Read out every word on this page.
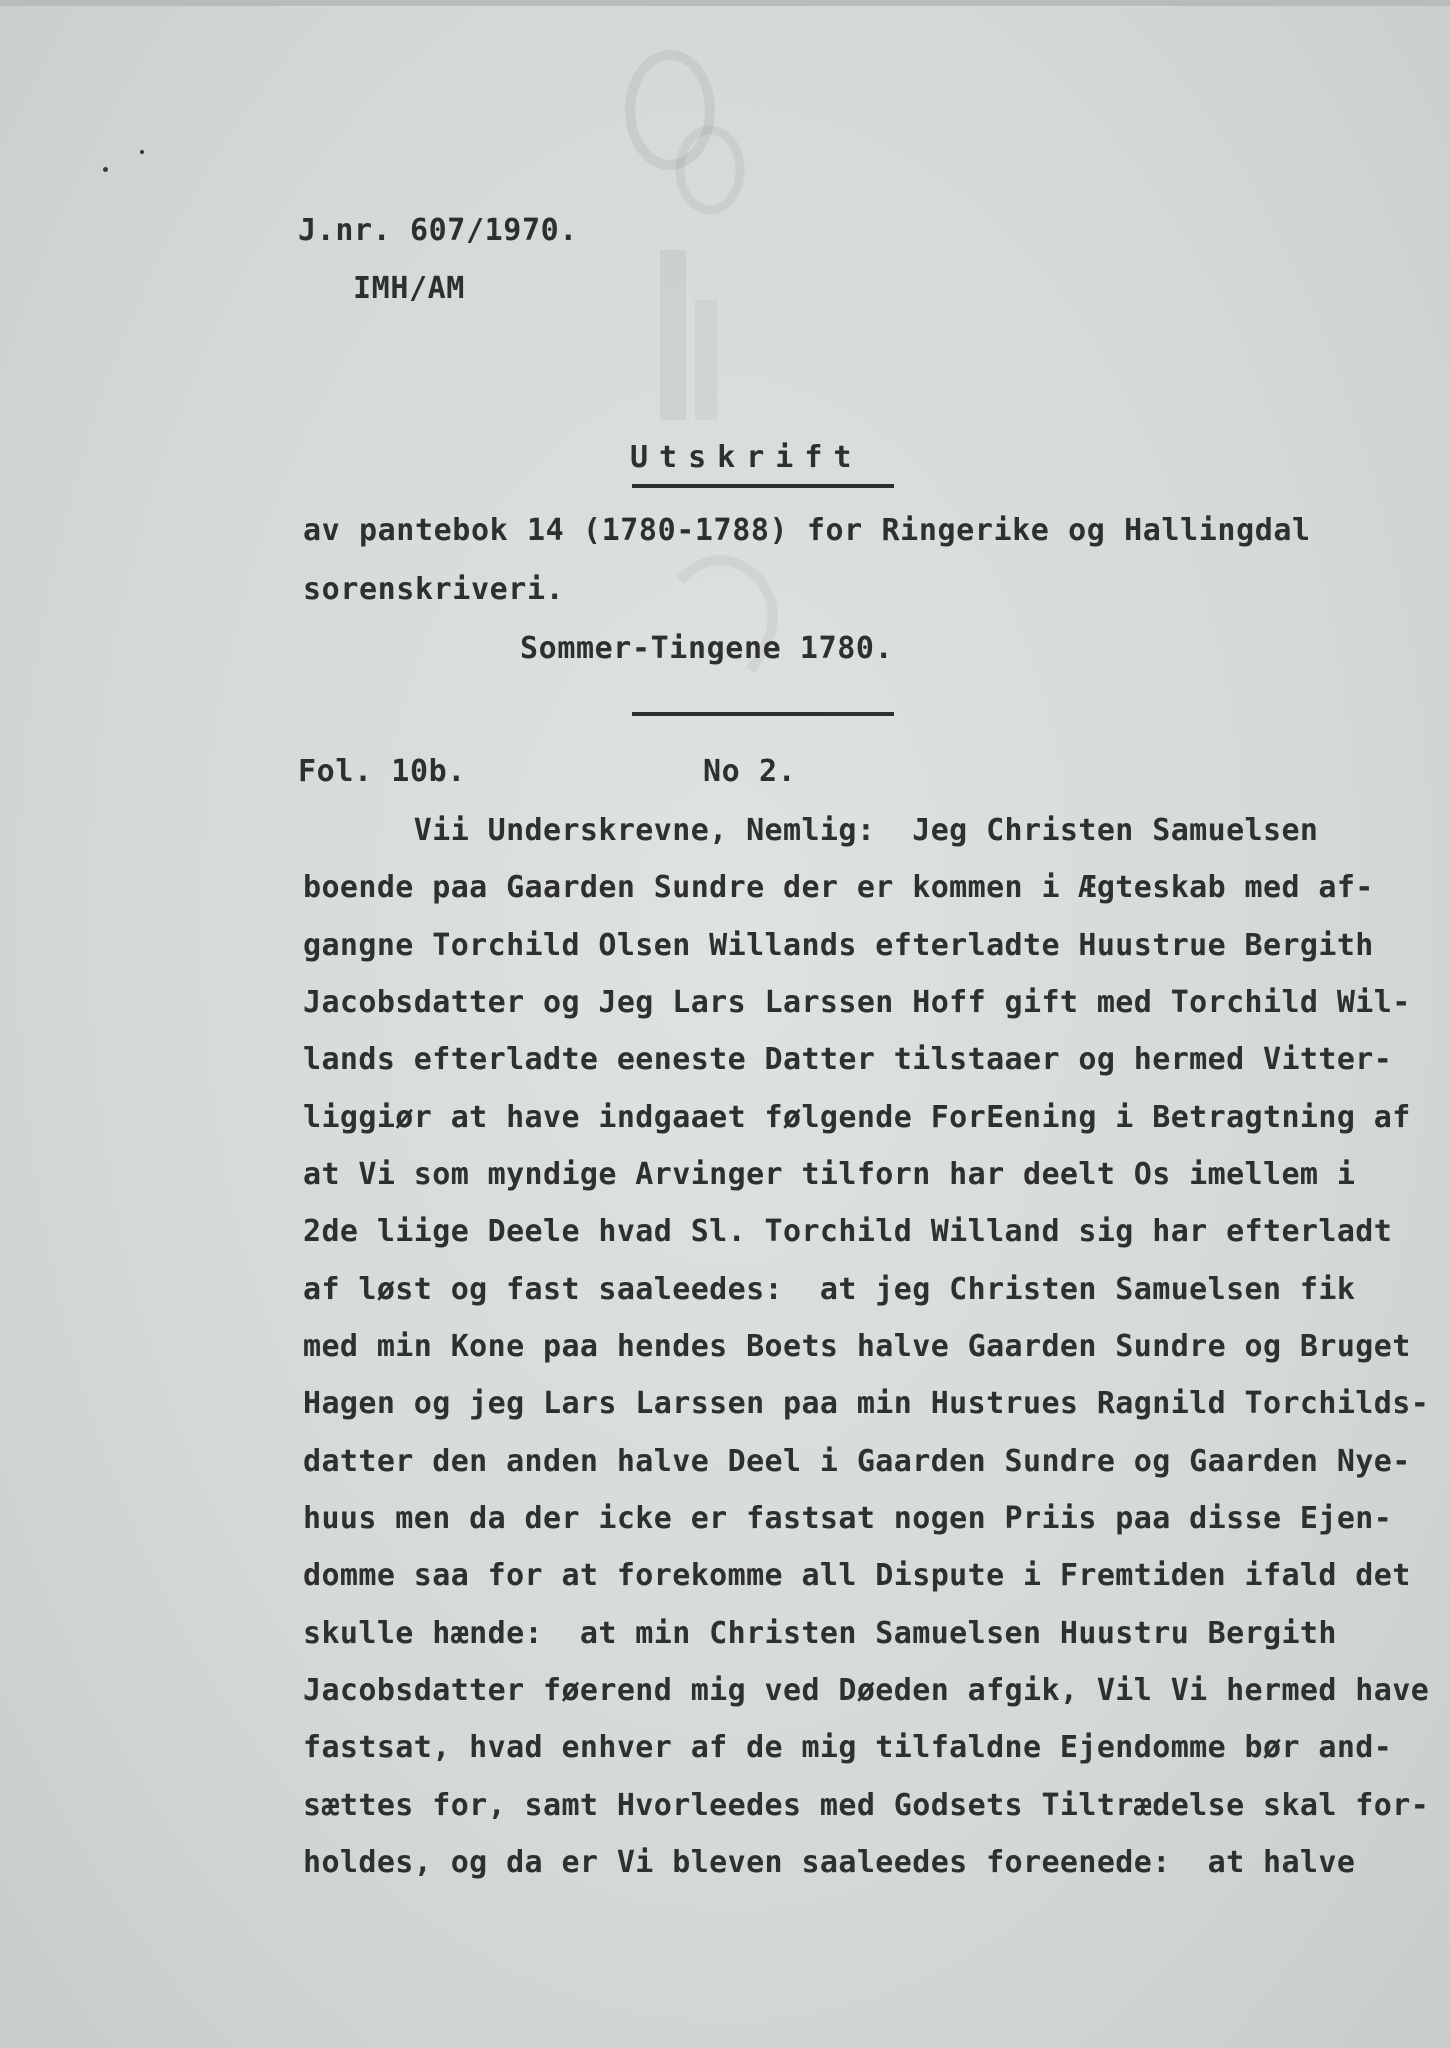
J.nr. 607/1970.
IMH/AM
Utskrift
av pantebok 14 (1780-1788) for Ringerike og Hallingdal
sorenskriveri.
Sommer-Tingene 1780.
Fol. 10b.	No 2.
Vii Underskrevne, Nemlig:  Jeg Christen Samuelsen
boende paa Gaarden Sundre der er kommen i Ægteskab med af-
gangne Torchild Olsen Willands efterladte Huustrue Bergith
Jacobsdatter og Jeg Lars Larssen Hoff gift med Torchild Wil-
lands efterladte eeneste Datter tilstaaer og hermed Vitter-
liggiør at have indgaaet følgende ForEening i Betragtning af
at Vi som myndige Arvinger tilforn har deelt Os imellem i
2de liige Deele hvad Sl. Torchild Willand sig har efterladt
af løst og fast saaleedes:  at jeg Christen Samuelsen fik
med min Kone paa hendes Boets halve Gaarden Sundre og Bruget
Hagen og jeg Lars Larssen paa min Hustrues Ragnild Torchilds-
datter den anden halve Deel i Gaarden Sundre og Gaarden Nye-
huus men da der icke er fastsat nogen Priis paa disse Ejen-
domme saa for at forekomme all Dispute i Fremtiden ifald det
skulle hænde:  at min Christen Samuelsen Huustru Bergith
Jacobsdatter føerend mig ved Døeden afgik, Vil Vi hermed have
fastsat, hvad enhver af de mig tilfaldne Ejendomme bør and-
sættes for, samt Hvorleedes med Godsets Tiltrædelse skal for-
holdes, og da er Vi bleven saaleedes foreenede:  at halve
